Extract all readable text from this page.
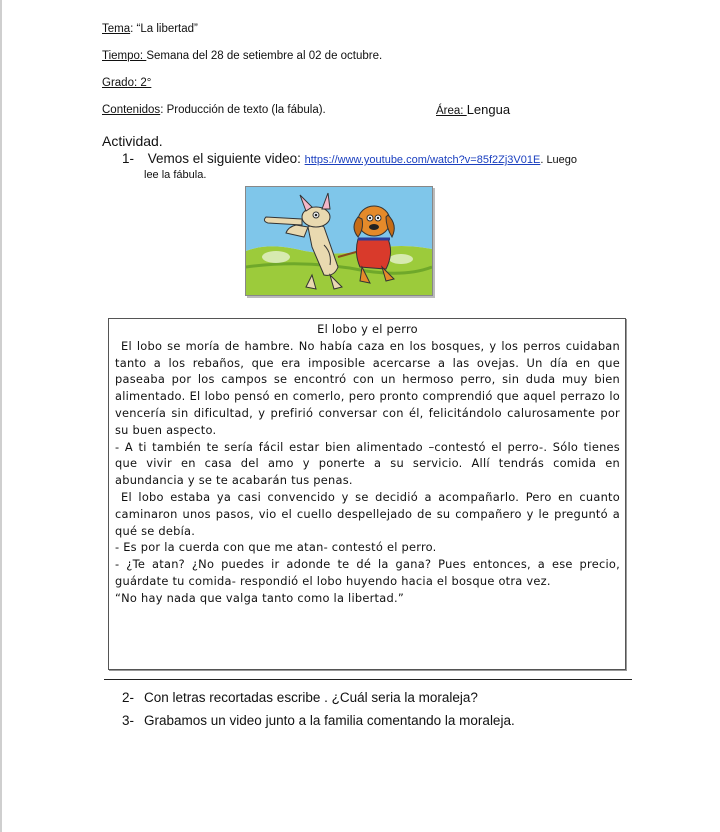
Tema: “La libertad”
Tiempo: Semana del 28 de setiembre al 02 de octubre.
Grado: 2°
Contenidos: Producción de texto (la fábula).	Área: Lengua
Actividad.
1- Vemos el siguiente video: https://www.youtube.com/watch?v=85f2Zj3V01E. Luego
lee la fábula.
El lobo y el perro

El lobo se moría de hambre. No había caza en los bosques, y los perros cuidaban tanto a los rebaños, que era imposible acercarse a las ovejas. Un día en que paseaba por los campos se encontró con un hermoso perro, sin duda muy bien alimentado. El lobo pensó en comerlo, pero pronto comprendió que aquel perrazo lo vencería sin dificultad, y prefirió conversar con él, felicitándolo calurosamente por su buen aspecto.

- A ti también te sería fácil estar bien alimentado –contestó el perro-. Sólo tienes que vivir en casa del amo y ponerte a su servicio. Allí tendrás comida en abundancia y se te acabarán tus penas.

El lobo estaba ya casi convencido y se decidió a acompañarlo. Pero en cuanto caminaron unos pasos, vio el cuello despellejado de su compañero y le preguntó a qué se debía.

- Es por la cuerda con que me atan- contestó el perro.

- ¿Te atan? ¿No puedes ir adonde te dé la gana? Pues entonces, a ese precio, guárdate tu comida- respondió el lobo huyendo hacia el bosque otra vez.

“No hay nada que valga tanto como la libertad.”

2- Con letras recortadas escribe . ¿Cuál seria la moraleja?
3- Grabamos un video junto a la familia comentando la moraleja.
